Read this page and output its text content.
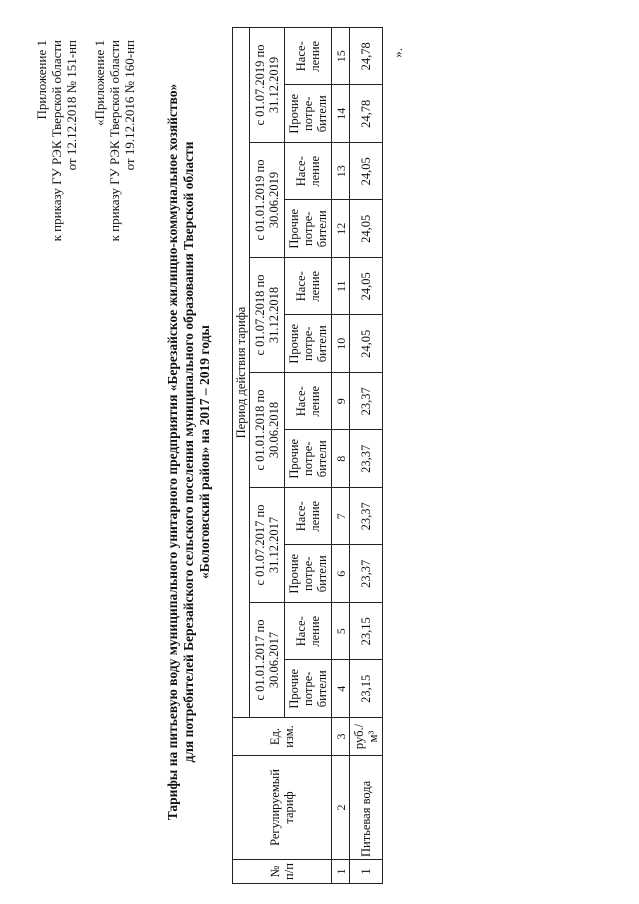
Приложение 1 к приказу ГУ РЭК Тверской области от 12.12.2018 № 151-нп «Приложение 1 к приказу ГУ РЭК Тверской области от 19.12.2016 № 160-нп Тарифы на питьевую воду муниципального унитарного предприятия «Березайское жилищно-коммунальное хозяйство» для потребителей Березайского сельского поселения муниципального образования Тверской области «Бологовский район» на 2017 – 2019 годы
№ п/п	Регулируемый тариф	Ед. изм.	Период действия тарифа											
			с 01.01.2017 по 30.06.2017		с 01.07.2017 по 31.12.2017		с 01.01.2018 по 30.06.2018		с 01.07.2018 по 31.12.2018		с 01.01.2019 по 30.06.2019		с 01.07.2019 по 31.12.2019	
			Прочие потре-бители	Насе-ление	Прочие потре-бители	Насе-ление	Прочие потре-бители	Насе-ление	Прочие потре-бители	Насе-ление	Прочие потре-бители	Насе-ление	Прочие потре-бители	Насе-ление
1	2	3	4	5	6	7	8	9	10	11	12	13	14	15
1	Питьевая вода	руб./м³	23,15	23,15	23,37	23,37	23,37	23,37	24,05	24,05	24,05	24,05	24,78	24,78 ».
